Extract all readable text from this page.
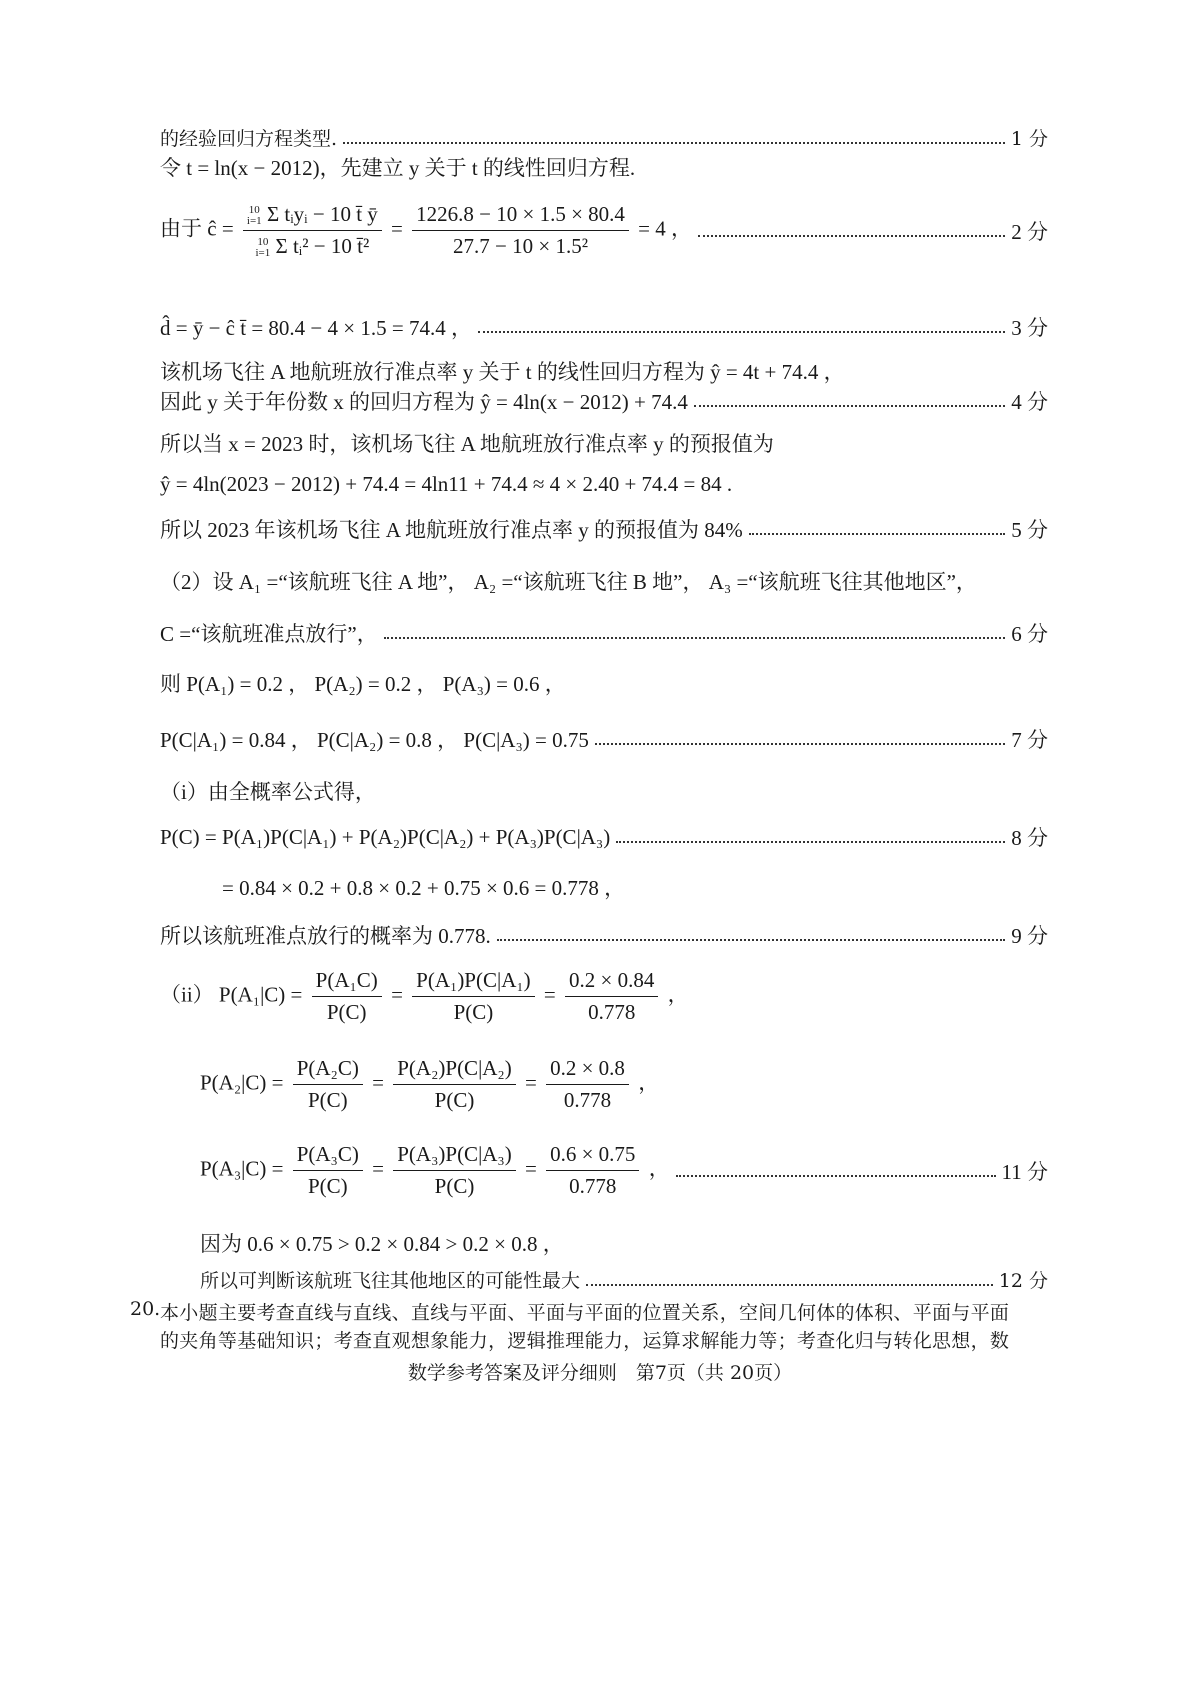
的经验回归方程类型.	1 分
令 t = ln(x − 2012)，先建立 y 关于 t 的线性回归方程.
由于 ĉ = 10
i=1 Σ tᵢyᵢ − 10 t̄ ȳ
10
i=1 Σ tᵢ² − 10 t̄² = $\frac{1226.8 - 10 \times 1.5 \times 80.4}{\text{27.7 − 10 × 1.5²}} = 4$ ，	2 分
d̂ = ȳ − ĉ t̄ = 80.4 − 4 × 1.5 = 74.4 ，	3 分
该机场飞往 A 地航班放行准点率 y 关于 t 的线性回归方程为 ŷ = 4t + 74.4 ，
因此 y 关于年份数 x 的回归方程为 ŷ = 4ln(x − 2012) + 74.4	4 分
所以当 x = 2023 时，该机场飞往 A 地航班放行准点率 y 的预报值为
ŷ = 4ln(2023 − 2012) + 74.4 = 4ln11 + 74.4 ≈ 4 × 2.40 + 74.4 = 84 .
所以 2023 年该机场飞往 A 地航班放行准点率 y 的预报值为 84%	5 分
（2）设 A₁ =“该航班飞往 A 地”， A₂ =“该航班飞往 B 地”， A₃ =“该航班飞往其他地区”，
C =“该航班准点放行”，	6 分
则 P(A₁) = 0.2 ， P(A₂) = 0.2 ， P(A₃) = 0.6 ，
P(C|A₁) = 0.84 ， P(C|A₂) = 0.8 ， P(C|A₃) = 0.75	7 分
（i）由全概率公式得，
P(C) = P(A₁)P(C|A₁) + P(A₂)P(C|A₂) + P(A₃)P(C|A₃)	8 分
= 0.84 × 0.2 + 0.8 × 0.2 + 0.75 × 0.6 = 0.778 ，
所以该航班准点放行的概率为 0.778.	9 分
（ii） $P(A_1|C) = \frac{\text{P(A₁C)}}{P(C)} = \frac{\text{P(A₁)P(C|A₁)}}{P(C)} = \frac{0.2 \times 0.84}{0.778}$ ，
$P(A_2|C) = \frac{\text{P(A₂C)}}{P(C)} = \frac{\text{P(A₂)P(C|A₂)}}{P(C)} = \frac{0.2 \times 0.8}{0.778}$ ，
$P(A_3|C) = \frac{\text{P(A₃C)}}{P(C)} = \frac{\text{P(A₃)P(C|A₃)}}{P(C)} = \frac{0.6 \times 0.75}{0.778}$ ，	11 分
因为 0.6 × 0.75 > 0.2 × 0.84 > 0.2 × 0.8 ，
所以可判断该航班飞往其他地区的可能性最大	12 分
20. 本小题主要考查直线与直线、直线与平面、平面与平面的位置关系，空间几何体的体积、平面与平面
的夹角等基础知识；考查直观想象能力，逻辑推理能力，运算求解能力等；考查化归与转化思想，数
数学参考答案及评分细则　第7页（共 20页）
